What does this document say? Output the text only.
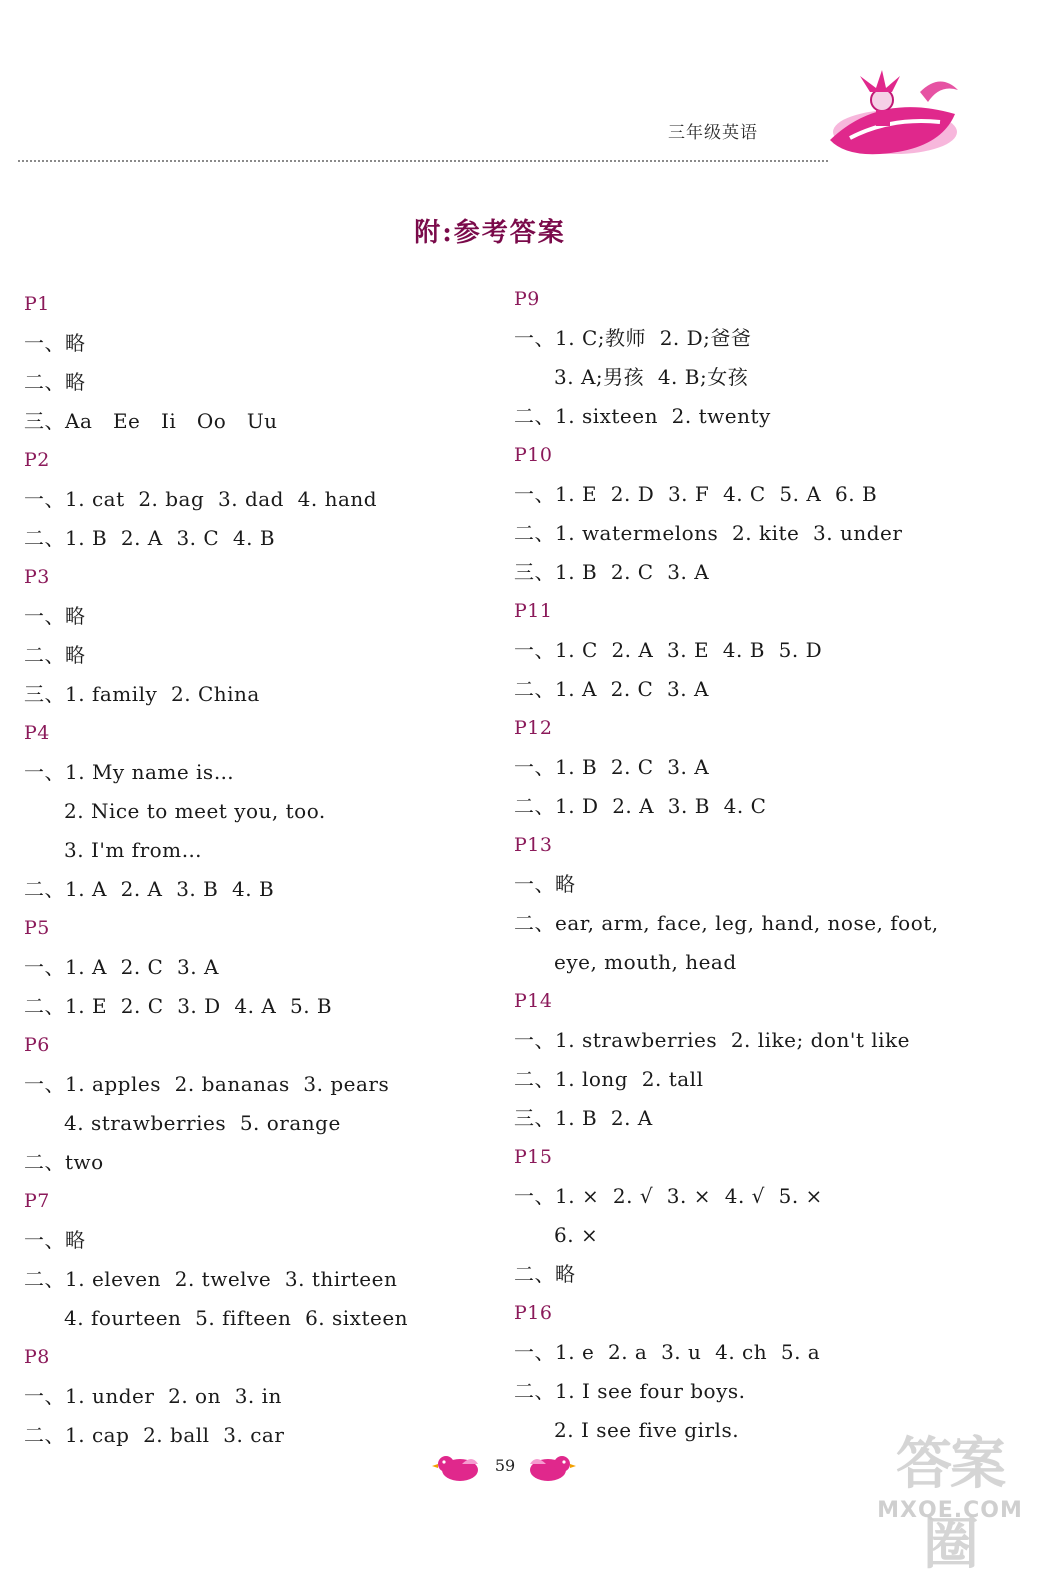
三年级英语
附:参考答案
P1
一、略
二、略
三、Aa   Ee   Ii   Oo   Uu
P2
一、1. cat  2. bag  3. dad  4. hand
二、1. B  2. A  3. C  4. B
P3
一、略
二、略
三、1. family  2. China
P4
一、1. My name is…
2. Nice to meet you, too.
3. I'm from…
二、1. A  2. A  3. B  4. B
P5
一、1. A  2. C  3. A
二、1. E  2. C  3. D  4. A  5. B
P6
一、1. apples  2. bananas  3. pears
4. strawberries  5. orange
二、two
P7
一、略
二、1. eleven  2. twelve  3. thirteen
4. fourteen  5. fifteen  6. sixteen
P8
一、1. under  2. on  3. in
二、1. cap  2. ball  3. car
P9
一、1. C;教师  2. D;爸爸
3. A;男孩  4. B;女孩
二、1. sixteen  2. twenty
P10
一、1. E  2. D  3. F  4. C  5. A  6. B
二、1. watermelons  2. kite  3. under
三、1. B  2. C  3. A
P11
一、1. C  2. A  3. E  4. B  5. D
二、1. A  2. C  3. A
P12
一、1. B  2. C  3. A
二、1. D  2. A  3. B  4. C
P13
一、略
二、ear, arm, face, leg, hand, nose, foot,
eye, mouth, head
P14
一、1. strawberries  2. like; don't like
二、1. long  2. tall
三、1. B  2. A
P15
一、1. ×  2. √  3. ×  4. √  5. ×
6. ×
二、略
P16
一、1. e  2. a  3. u  4. ch  5. a
二、1. I see four boys.
2. I see five girls.
59	答案圈
MXQE.COM
